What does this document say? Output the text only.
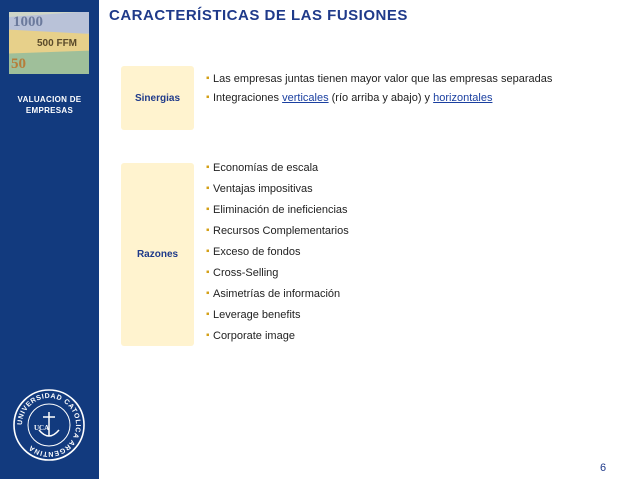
1000
500 FFM
50
VALUACION DE
EMPRESAS
UNIVERSIDAD CATOLICA ARGENTINA
UCA
CARACTERÍSTICAS DE LAS FUSIONES
Sinergias
▪ Las empresas juntas tienen mayor valor que las empresas separadas
▪ Integraciones verticales (río arriba y abajo) y horizontales
Razones
▪ Economías de escala
▪ Ventajas impositivas
▪ Eliminación de ineficiencias
▪ Recursos Complementarios
▪ Exceso de fondos
▪ Cross-Selling
▪ Asimetrías de información
▪ Leverage benefits
▪ Corporate image
6
